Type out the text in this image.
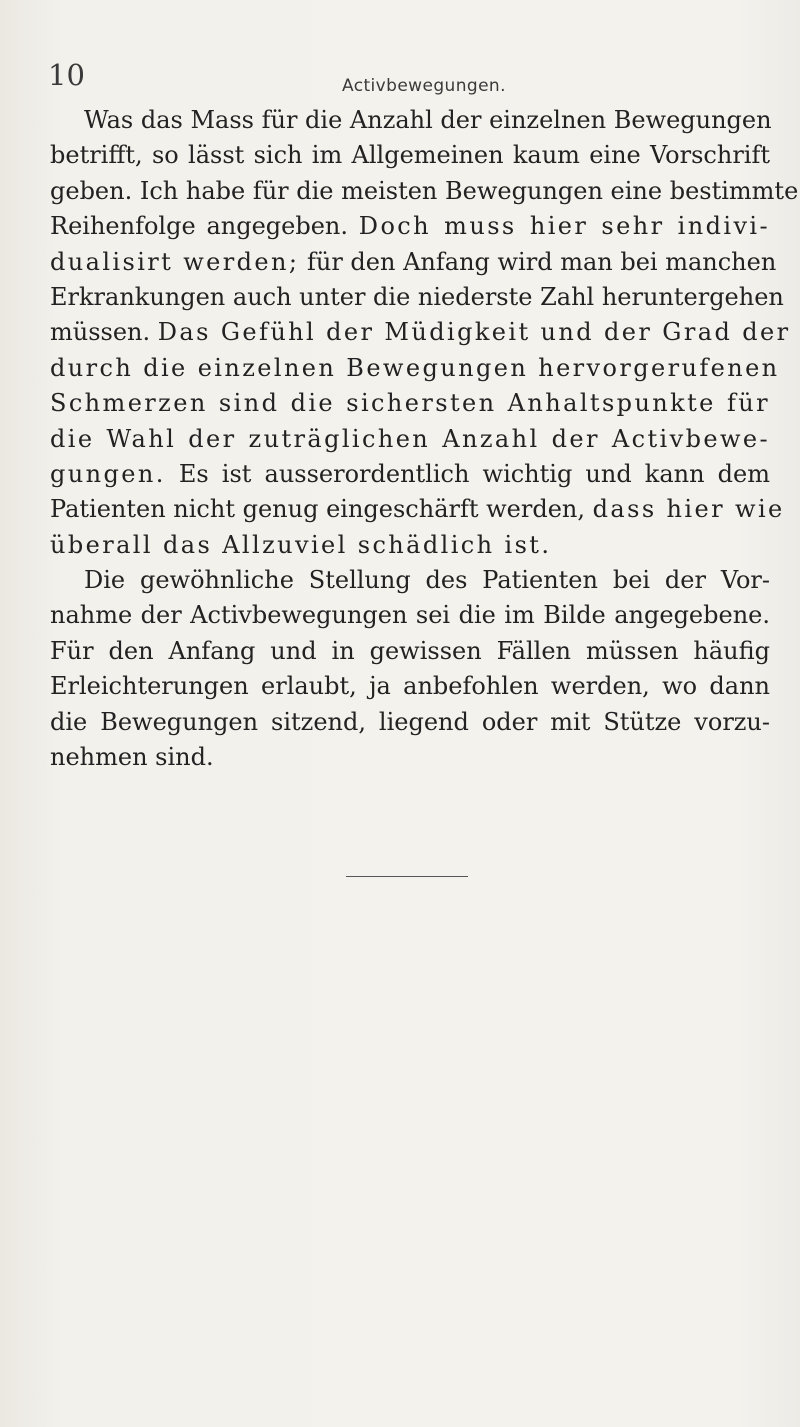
10	Activbewegungen.
Was das Mass für die Anzahl der einzelnen Bewegungen
betrifft, so lässt sich im Allgemeinen kaum eine Vorschrift
geben. Ich habe für die meisten Bewegungen eine bestimmte
Reihenfolge angegeben. Doch muss hier sehr indivi-
dualisirt werden; für den Anfang wird man bei manchen
Erkrankungen auch unter die niederste Zahl heruntergehen
müssen. Das Gefühl der Müdigkeit und der Grad der
durch die einzelnen Bewegungen hervorgerufenen
Schmerzen sind die sichersten Anhaltspunkte für
die Wahl der zuträglichen Anzahl der Activbewe-
gungen. Es ist ausserordentlich wichtig und kann dem
Patienten nicht genug eingeschärft werden, dass hier wie
überall das Allzuviel schädlich ist.
Die gewöhnliche Stellung des Patienten bei der Vor-
nahme der Activbewegungen sei die im Bilde angegebene.
Für den Anfang und in gewissen Fällen müssen häufig
Erleichterungen erlaubt, ja anbefohlen werden, wo dann
die Bewegungen sitzend, liegend oder mit Stütze vorzu-
nehmen sind.
